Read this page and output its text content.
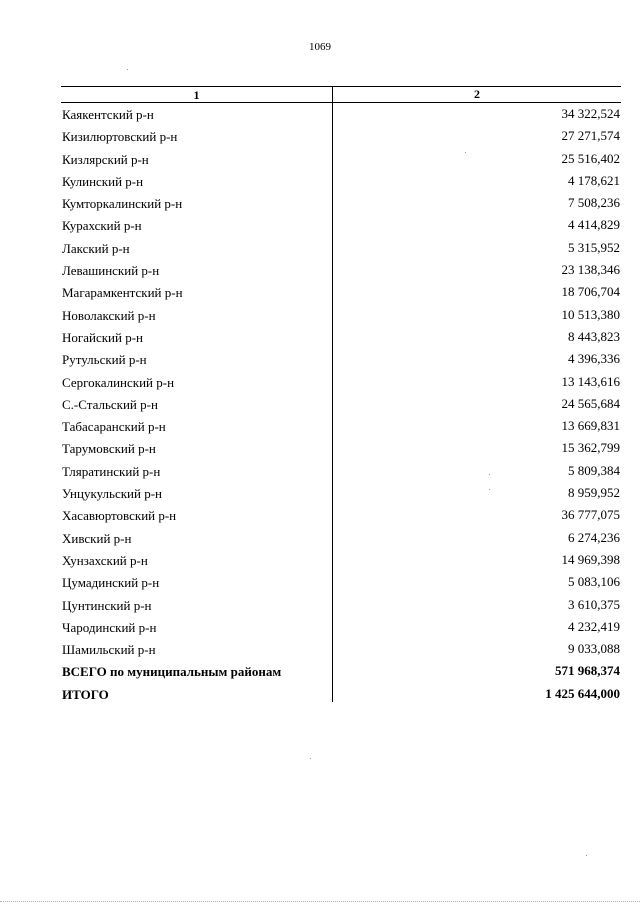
1069
1	2
Каякентский р-н	34 322,524
Кизилюртовский р-н	27 271,574
Кизлярский р-н	25 516,402
Кулинский р-н	4 178,621
Кумторкалинский р-н	7 508,236
Курахский р-н	4 414,829
Лакский р-н	5 315,952
Левашинский р-н	23 138,346
Магарамкентский р-н	18 706,704
Новолакский р-н	10 513,380
Ногайский р-н	8 443,823
Рутульский р-н	4 396,336
Сергокалинский р-н	13 143,616
С.-Стальский р-н	24 565,684
Табасаранский р-н	13 669,831
Тарумовский р-н	15 362,799
Тляратинский р-н	5 809,384
Унцукульский р-н	8 959,952
Хасавюртовский р-н	36 777,075
Хивский р-н	6 274,236
Хунзахский р-н	14 969,398
Цумадинский р-н	5 083,106
Цунтинский р-н	3 610,375
Чародинский р-н	4 232,419
Шамильский р-н	9 033,088
ВСЕГО по муниципальным районам	571 968,374
ИТОГО	1 425 644,000
